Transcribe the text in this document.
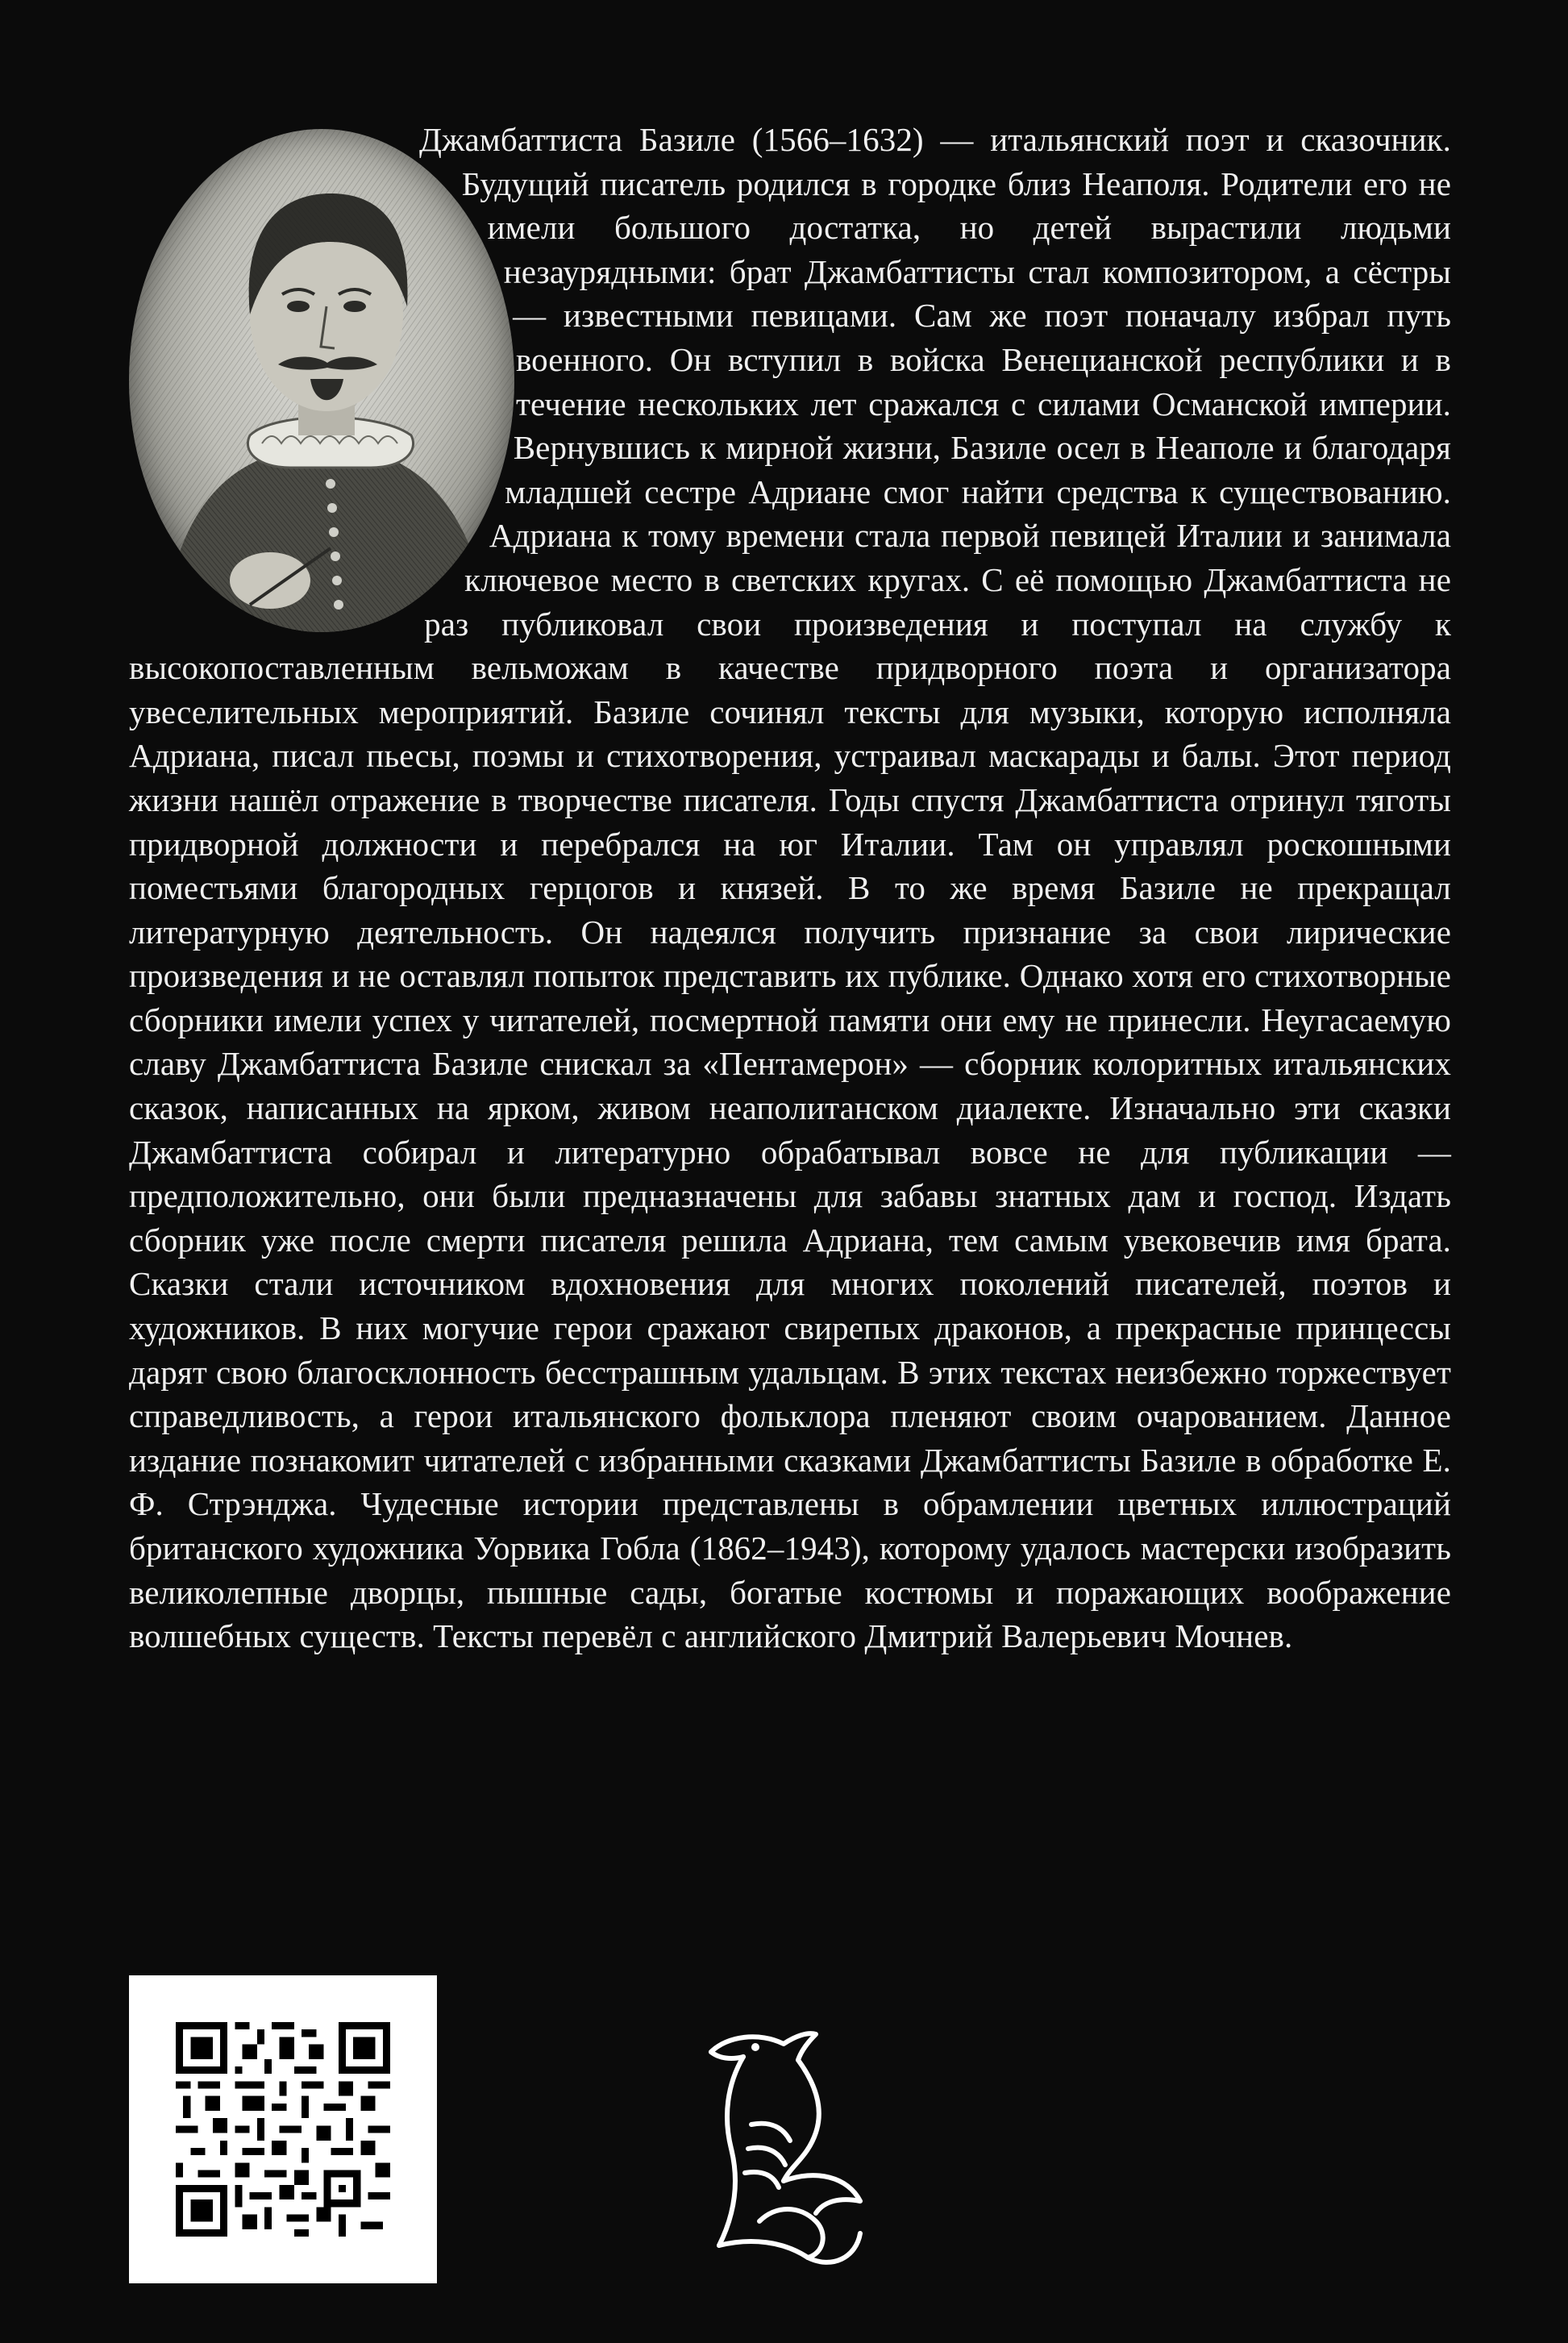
Джамбаттиста Базиле (1566–1632) — итальянский поэт и сказочник. Будущий писатель родился в городке близ Неаполя. Родители его не имели большого достатка, но детей вырастили людьми незаурядными: брат Джамбаттисты стал композитором, а сёстры — известными певицами. Сам же поэт поначалу избрал путь военного. Он вступил в войска Венецианской республики и в течение нескольких лет сражался с силами Османской империи. Вернувшись к мирной жизни, Базиле осел в Неаполе и благодаря младшей сестре Адриане смог найти средства к существованию. Адриана к тому времени стала первой певицей Италии и занимала ключевое место в светских кругах. С её помощью Джамбаттиста не раз публиковал свои произведения и поступал на службу к высокопоставленным вельможам в качестве придворного поэта и организатора увеселительных мероприятий. Базиле сочинял тексты для музыки, которую исполняла Адриана, писал пьесы, поэмы и стихотворения, устраивал маскарады и балы. Этот период жизни нашёл отражение в творчестве писателя. Годы спустя Джамбаттиста отринул тяготы придворной должности и перебрался на юг Италии. Там он управлял роскошными поместьями благородных герцогов и князей. В то же время Базиле не прекращал литературную деятельность. Он надеялся получить признание за свои лирические произведения и не оставлял попыток представить их публике. Однако хотя его стихотворные сборники имели успех у читателей, посмертной памяти они ему не принесли. Неугасаемую славу Джамбаттиста Базиле снискал за «Пентамерон» — сборник колоритных итальянских сказок, написанных на ярком, живом неаполитанском диалекте. Изначально эти сказки Джамбаттиста собирал и литературно обрабатывал вовсе не для публикации — предположительно, они были предназначены для забавы знатных дам и господ. Издать сборник уже после смерти писателя решила Адриана, тем самым увековечив имя брата. Сказки стали источником вдохновения для многих поколений писателей, поэтов и художников. В них могучие герои сражают свирепых драконов, а прекрасные принцессы дарят свою благосклонность бесстрашным удальцам. В этих текстах неизбежно торжествует справедливость, а герои итальянского фольклора пленяют своим очарованием. Данное издание познакомит читателей с избранными сказками Джамбаттисты Базиле в обработке Е. Ф. Стрэнджа. Чудесные истории представлены в обрамлении цветных иллюстраций британского художника Уорвика Гобла (1862–1943), которому удалось мастерски изобразить великолепные дворцы, пышные сады, богатые костюмы и поражающих воображение волшебных существ. Тексты перевёл с английского Дмитрий Валерьевич Мочнев.
